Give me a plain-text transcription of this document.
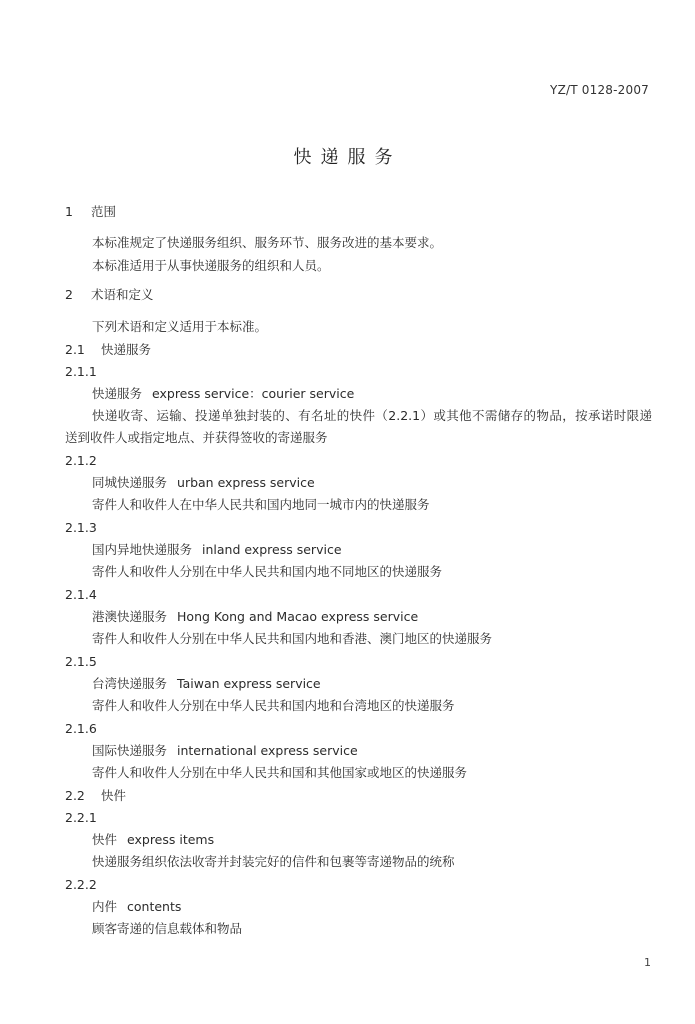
YZ/T 0128-2007
快递服务
1 范围
本标准规定了快递服务组织、服务环节、服务改进的基本要求。
本标准适用于从事快递服务的组织和人员。
2 术语和定义
下列术语和定义适用于本标准。
2.1 快递服务
2.1.1
快递服务 express service：courier service
快递收寄、运输、投递单独封装的、有名址的快件（2.2.1）或其他不需储存的物品，按承诺时限递
送到收件人或指定地点、并获得签收的寄递服务
2.1.2
同城快递服务 urban express service
寄件人和收件人在中华人民共和国内地同一城市内的快递服务
2.1.3
国内异地快递服务 inland express service
寄件人和收件人分别在中华人民共和国内地不同地区的快递服务
2.1.4
港澳快递服务 Hong Kong and Macao express service
寄件人和收件人分别在中华人民共和国内地和香港、澳门地区的快递服务
2.1.5
台湾快递服务 Taiwan express service
寄件人和收件人分别在中华人民共和国内地和台湾地区的快递服务
2.1.6
国际快递服务 international express service
寄件人和收件人分别在中华人民共和国和其他国家或地区的快递服务
2.2 快件
2.2.1
快件 express items
快递服务组织依法收寄并封装完好的信件和包裹等寄递物品的统称
2.2.2
内件 contents
顾客寄递的信息载体和物品
1
